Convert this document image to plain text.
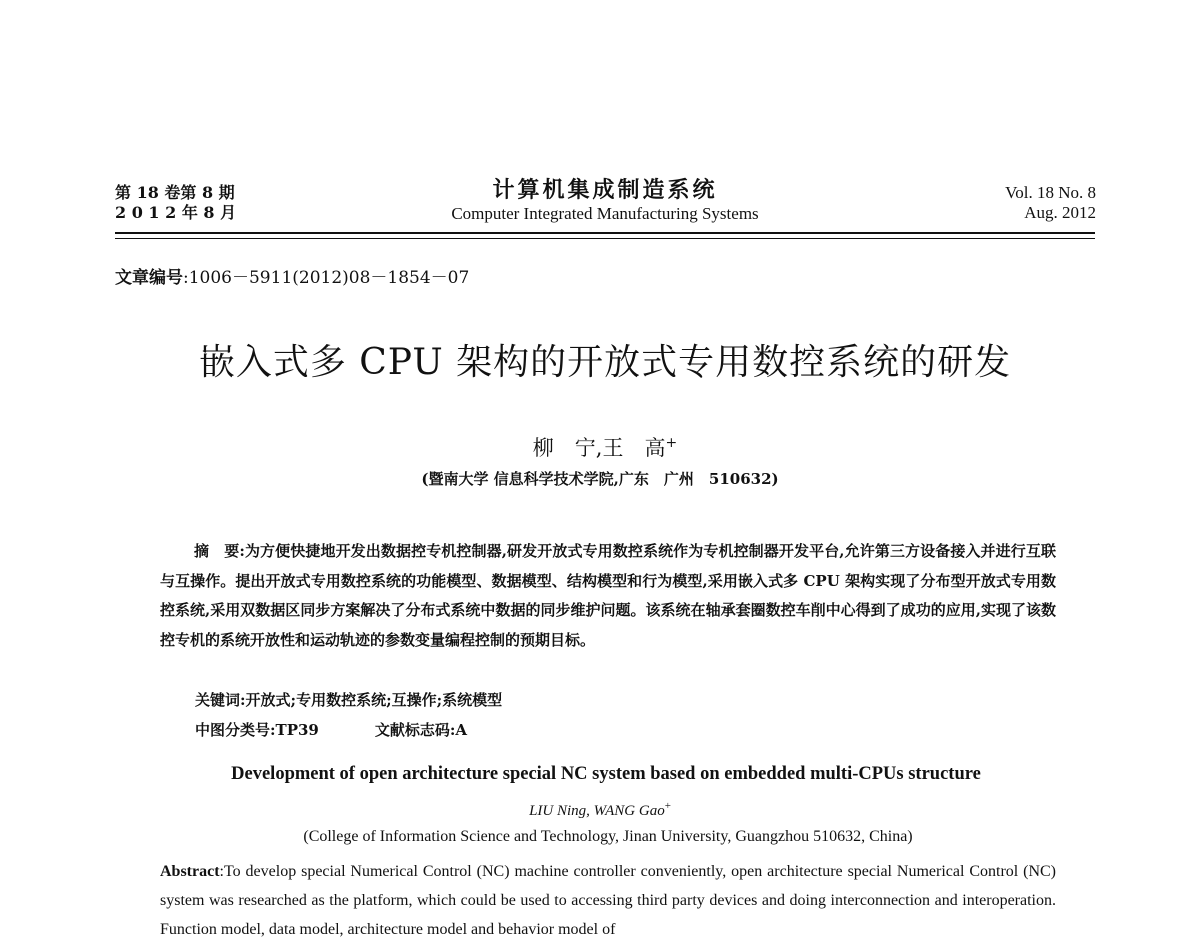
第 18 卷第 8 期
2 0 1 2 年 8 月
计算机集成制造系统
Computer Integrated Manufacturing Systems
Vol. 18 No. 8
Aug. 2012
文章编号:1006－5911(2012)08－1854－07
嵌入式多 CPU 架构的开放式专用数控系统的研发
柳　宁,王　高+
(暨南大学 信息科学技术学院,广东　广州　510632)
摘　要:为方便快捷地开发出数据控专机控制器,研发开放式专用数控系统作为专机控制器开发平台,允许第三方设备接入并进行互联与互操作。提出开放式专用数控系统的功能模型、数据模型、结构模型和行为模型,采用嵌入式多 CPU 架构实现了分布型开放式专用数控系统,采用双数据区同步方案解决了分布式系统中数据的同步维护问题。该系统在轴承套圈数控车削中心得到了成功的应用,实现了该数控专机的系统开放性和运动轨迹的参数变量编程控制的预期目标。
关键词:开放式;专用数控系统;互操作;系统模型
中图分类号:TP39	文献标志码:A
Development of open architecture special NC system based on embedded multi-CPUs structure
LIU Ning, WANG Gao+
(College of Information Science and Technology, Jinan University, Guangzhou 510632, China)
Abstract:To develop special Numerical Control (NC) machine controller conveniently, open architecture special Numerical Control (NC) system was researched as the platform, which could be used to accessing third party devices and doing interconnection and interoperation. Function model, data model, architecture model and behavior model of
